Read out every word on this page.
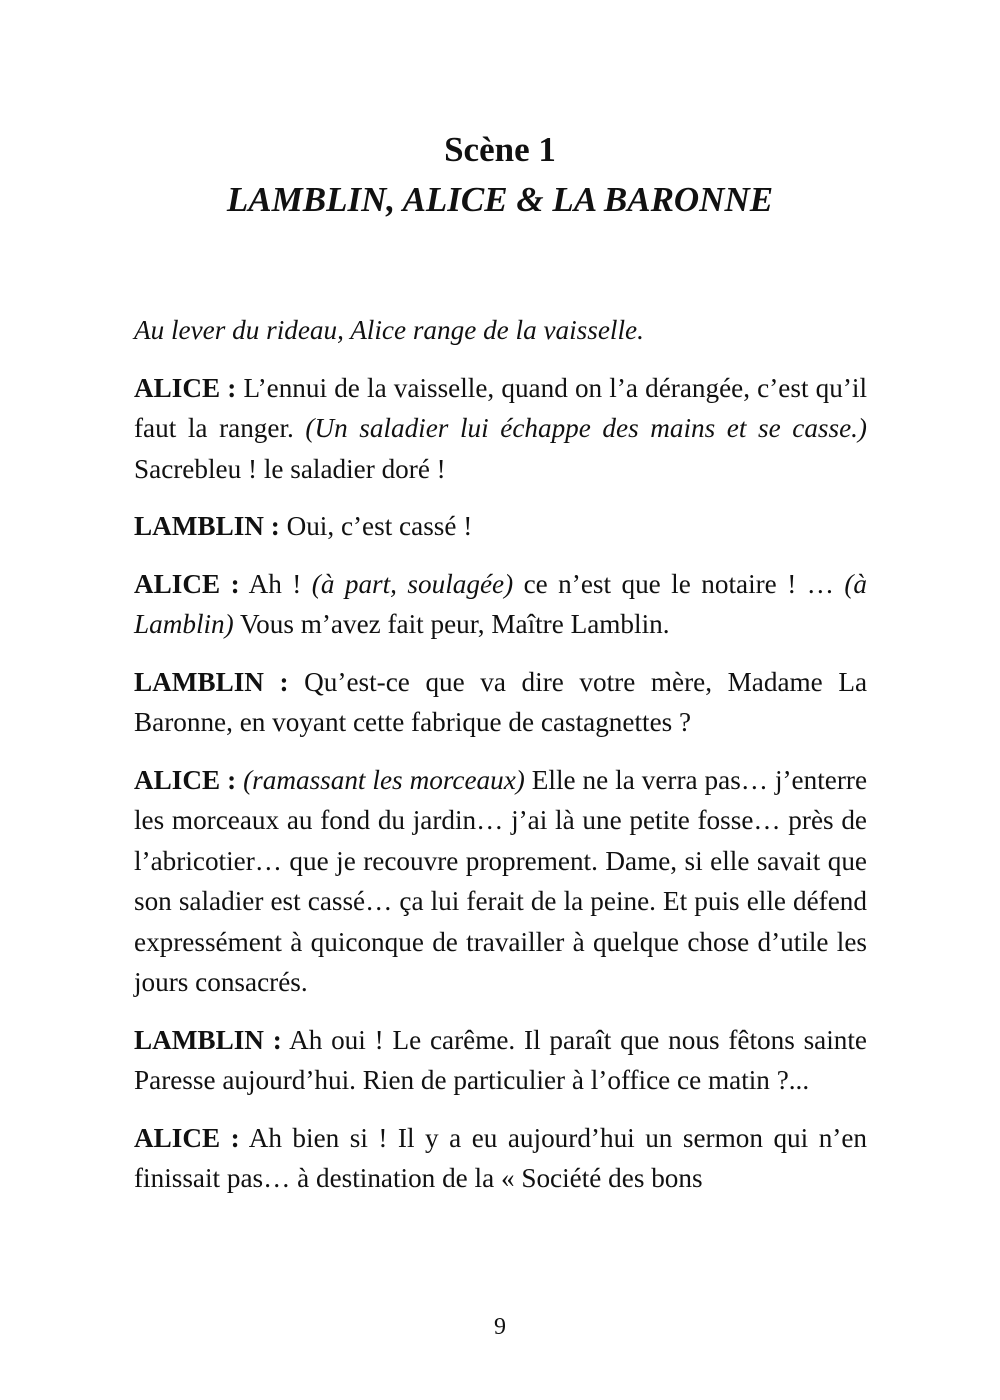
Scène 1
LAMBLIN, ALICE & LA BARONNE

Au lever du rideau, Alice range de la vaisselle.

ALICE : L’ennui de la vaisselle, quand on l’a dérangée, c’est qu’il faut la ranger. (Un saladier lui échappe des mains et se casse.) Sacrebleu ! le saladier doré !

LAMBLIN : Oui, c’est cassé !

ALICE : Ah ! (à part, soulagée) ce n’est que le notaire ! … (à Lamblin) Vous m’avez fait peur, Maître Lamblin.

LAMBLIN : Qu’est-ce que va dire votre mère, Madame La Baronne, en voyant cette fabrique de castagnettes ?

ALICE : (ramassant les morceaux) Elle ne la verra pas… j’enterre les morceaux au fond du jardin… j’ai là une petite fosse… près de l’abricotier… que je recouvre proprement. Dame, si elle savait que son saladier est cassé… ça lui ferait de la peine. Et puis elle défend expressément à quiconque de travailler à quelque chose d’utile les jours consacrés.

LAMBLIN : Ah oui ! Le carême. Il paraît que nous fêtons sainte Paresse aujourd’hui. Rien de particulier à l’office ce matin ?...

ALICE : Ah bien si ! Il y a eu aujourd’hui un sermon qui n’en finissait pas… à destination de la « Société des bons

9
